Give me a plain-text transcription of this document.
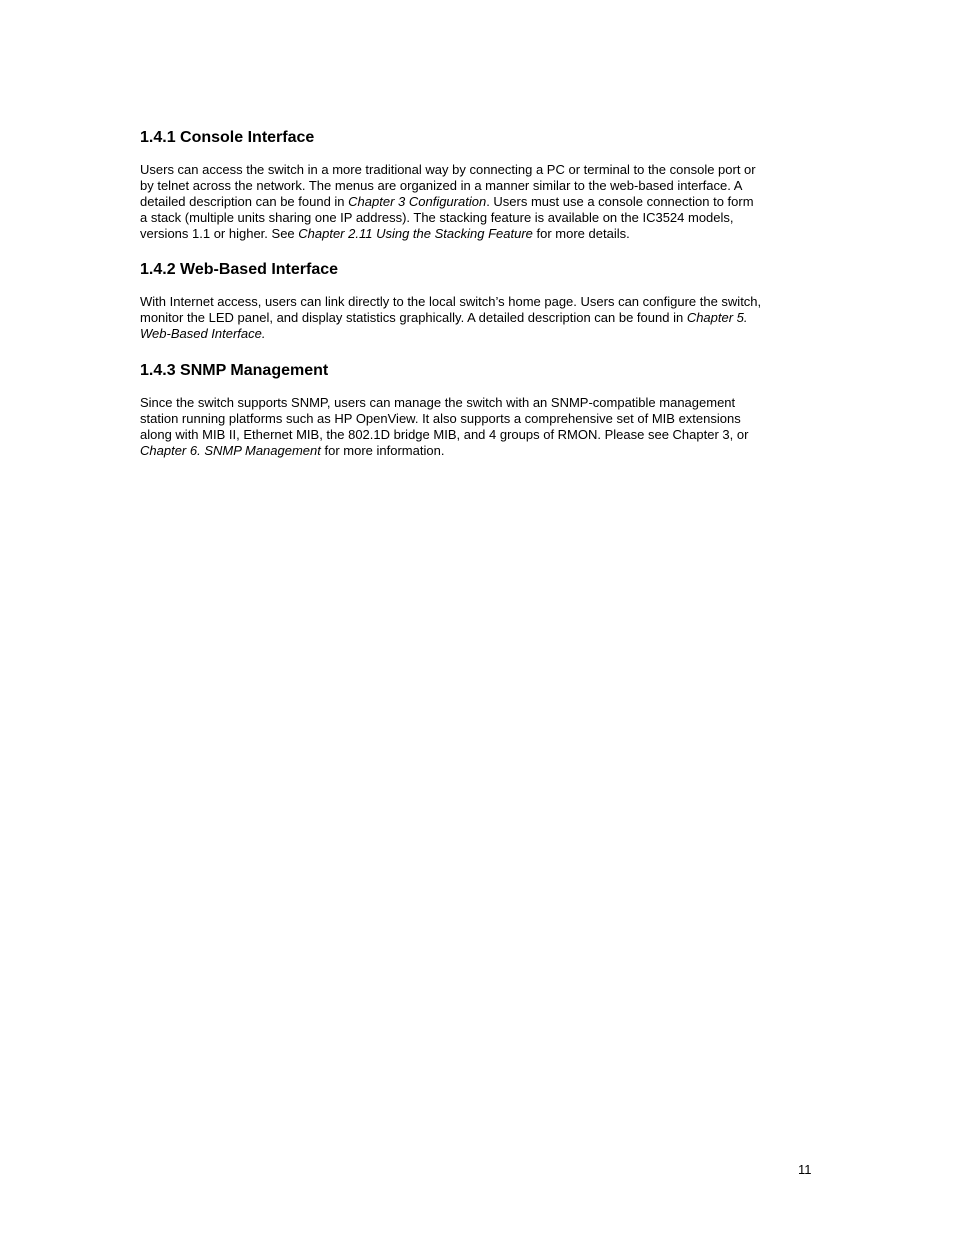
1.4.1 Console Interface
Users can access the switch in a more traditional way by connecting a PC or terminal to the console port or
by telnet across the network. The menus are organized in a manner similar to the web-based interface. A
detailed description can be found in Chapter 3 Configuration. Users must use a console connection to form
a stack (multiple units sharing one IP address). The stacking feature is available on the IC3524 models,
versions 1.1 or higher. See Chapter 2.11 Using the Stacking Feature for more details.
1.4.2 Web-Based Interface
With Internet access, users can link directly to the local switch’s home page. Users can configure the switch,
monitor the LED panel, and display statistics graphically. A detailed description can be found in Chapter 5.
Web-Based Interface.
1.4.3 SNMP Management
Since the switch supports SNMP, users can manage the switch with an SNMP-compatible management
station running platforms such as HP OpenView. It also supports a comprehensive set of MIB extensions
along with MIB II, Ethernet MIB, the 802.1D bridge MIB, and 4 groups of RMON. Please see Chapter 3, or
Chapter 6. SNMP Management for more information.
11
